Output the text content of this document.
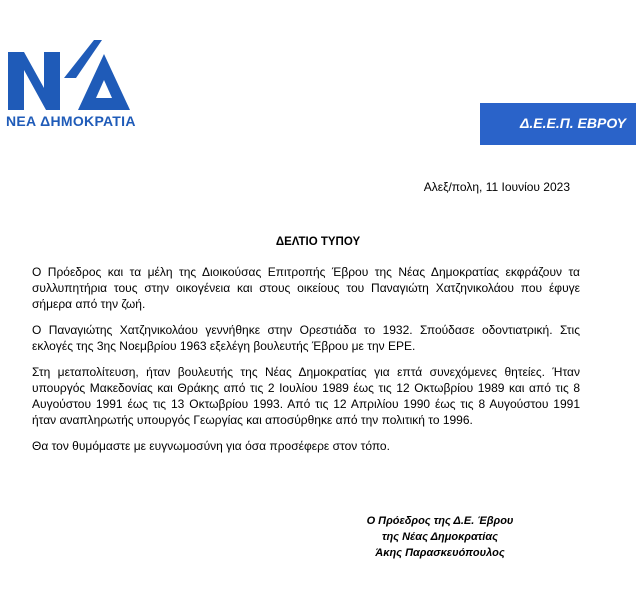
ΝΕΑ ΔΗΜΟΚΡΑΤΙΑ	Δ.Ε.Ε.Π. ΕΒΡΟΥ
Αλεξ/πολη, 11 Ιουνίου 2023
ΔΕΛΤΙΟ ΤΥΠΟΥ

Ο Πρόεδρος και τα μέλη της Διοικούσας Επιτροπής Έβρου της Νέας Δημοκρατίας εκφράζουν τα συλλυπητήρια τους στην οικογένεια και στους οικείους του Παναγιώτη Χατζηνικολάου που έφυγε σήμερα από την ζωή.

Ο Παναγιώτης Χατζηνικολάου γεννήθηκε στην Ορεστιάδα το 1932. Σπούδασε οδοντιατρική. Στις εκλογές της 3ης Νοεμβρίου 1963 εξελέγη βουλευτής Έβρου με την ΕΡΕ.

Στη μεταπολίτευση, ήταν βουλευτής της Νέας Δημοκρατίας για επτά συνεχόμενες θητείες. Ήταν υπουργός Μακεδονίας και Θράκης από τις 2 Ιουλίου 1989 έως τις 12 Οκτωβρίου 1989 και από τις 8 Αυγούστου 1991 έως τις 13 Οκτωβρίου 1993. Από τις 12 Απριλίου 1990 έως τις 8 Αυγούστου 1991 ήταν αναπληρωτής υπουργός Γεωργίας και αποσύρθηκε από την πολιτική το 1996.

Θα τον θυμόμαστε με ευγνωμοσύνη για όσα προσέφερε στον τόπο.

Ο Πρόεδρος της Δ.Ε. Έβρου
της Νέας Δημοκρατίας
Άκης Παρασκευόπουλος
